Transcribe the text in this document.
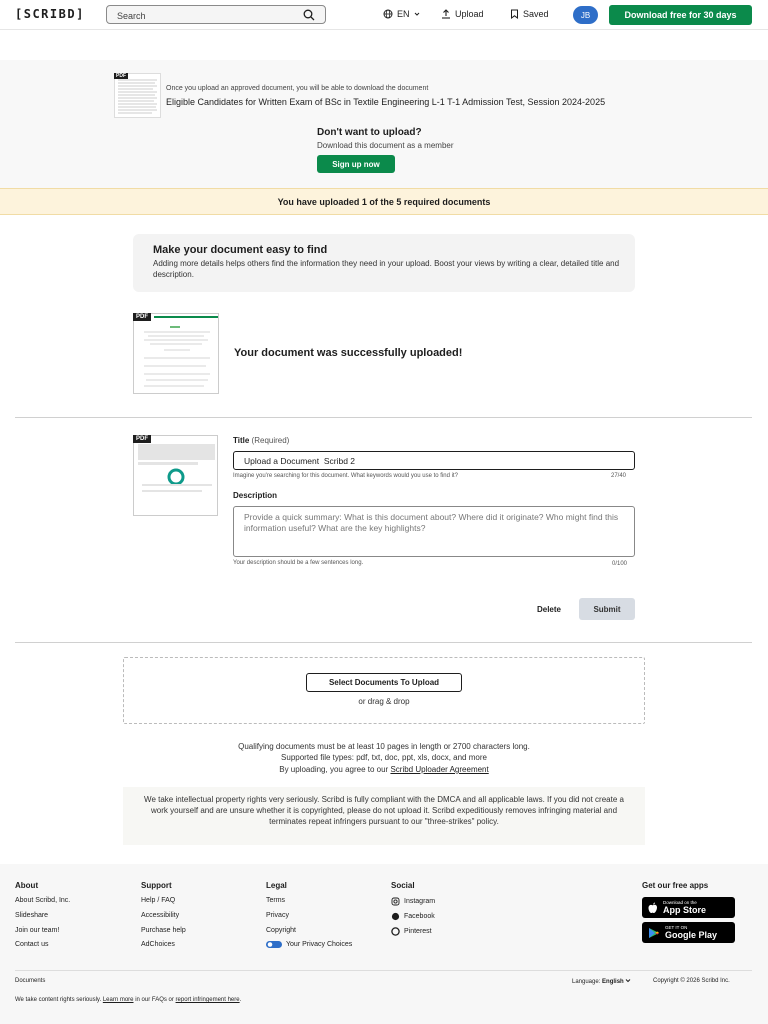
[SCRIBD]
Search	EN	Upload	Saved	JB	Download free for 30 days
PDF
Once you upload an approved document, you will be able to download the document
Eligible Candidates for Written Exam of BSc in Textile Engineering L-1 T-1 Admission Test, Session 2024-2025
Don't want to upload?
Download this document as a member
Sign up now
You have uploaded 1 of the 5 required documents
Make your document easy to find

Adding more details helps others find the information they need in your upload. Boost your views by writing a clear, detailed title and description.

PDF
Your document was successfully uploaded!
PDF	Title (Required)
Upload a Document Scribd 2
Imagine you're searching for this document. What keywords would you use to find it?	27/40
Description
Provide a quick summary: What is this document about? Where did it originate? Who might find this information useful? What are the key highlights?
Your description should be a few sentences long.	0/100
Delete	Submit
Select Documents To Upload
or drag & drop
Qualifying documents must be at least 10 pages in length or 2700 characters long.
Supported file types: pdf, txt, doc, ppt, xls, docx, and more
By uploading, you agree to our Scribd Uploader Agreement
We take intellectual property rights very seriously. Scribd is fully compliant with the DMCA and all applicable laws. If you did not create a work yourself and are unsure whether it is copyrighted, please do not upload it. Scribd expeditiously removes infringing material and terminates repeat infringers pursuant to our "three-strikes" policy.
About
About Scribd, Inc.
Slideshare
Join our team!
Contact us
Support
Help / FAQ
Accessibility
Purchase help
AdChoices
Legal
Terms
Privacy
Copyright
Your Privacy Choices
Social
Instagram
Facebook
Pinterest
Get our free apps
Download on the
App Store
GET IT ON
Google Play
Documents	Language: English	Copyright © 2026 Scribd Inc.
We take content rights seriously. Learn more in our FAQs or report infringement here.
